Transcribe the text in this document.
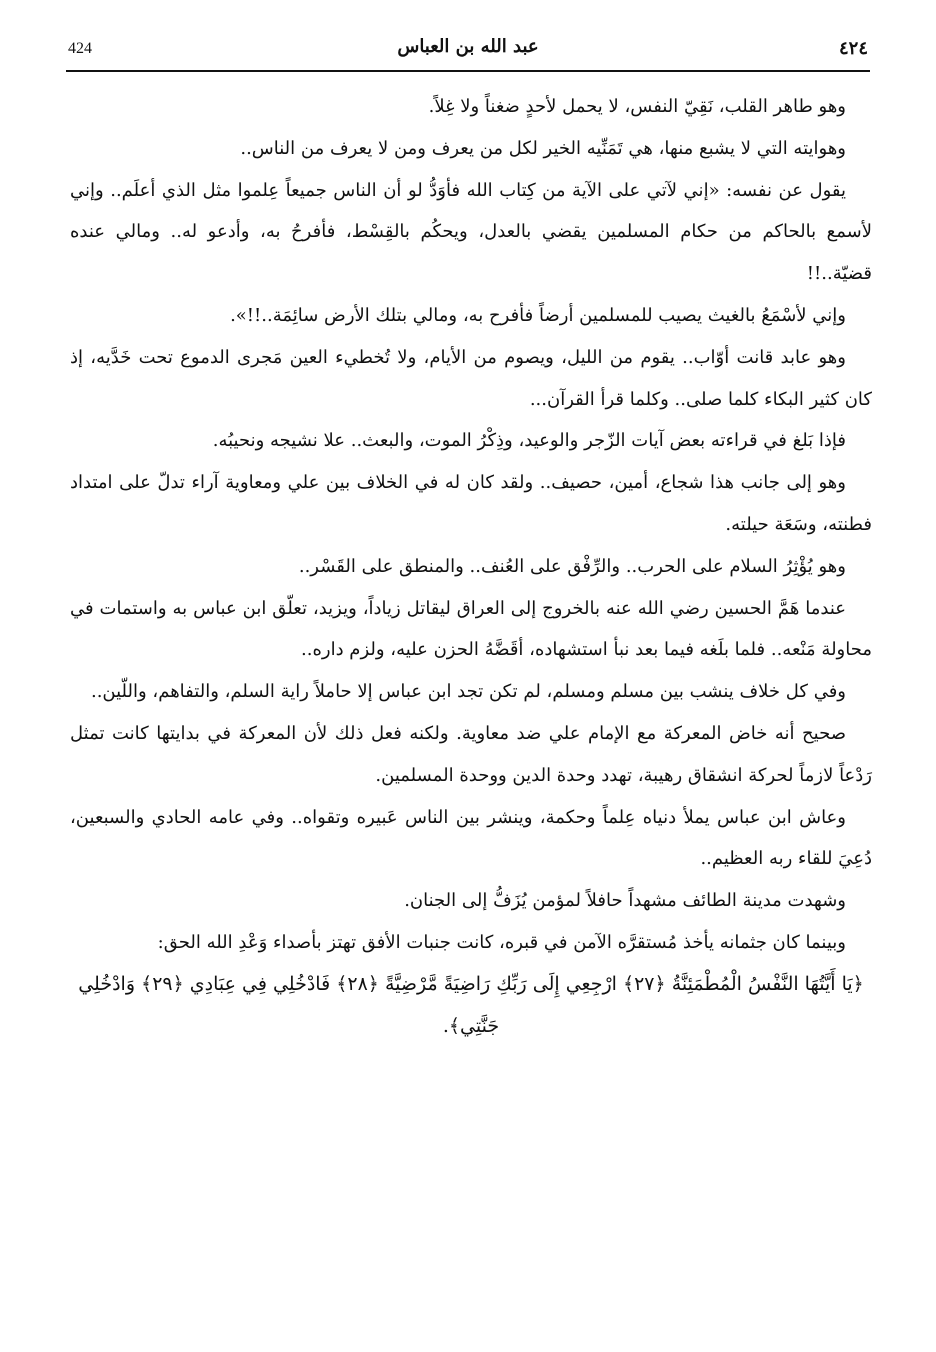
424	عبد الله بن العباس	٤٢٤

وهو طاهر القلب، نَقِيّ النفس، لا يحمل لأحدٍ ضغناً ولا غِلاً.

وهوايته التي لا يشبع منها، هي تَمَنِّيه الخير لكل من يعرف ومن لا يعرف من الناس..

يقول عن نفسه: «إني لآتي على الآية من كِتاب الله فأوَدُّ لو أن الناس جميعاً عِلموا مثل الذي أعلَم.. وإني لأسمع بالحاكم من حكام المسلمين يقضي بالعدل، ويحكُم بالقِسْط، فأفرحُ به، وأدعو له.. ومالي عنده قضيّة..!!

وإني لأسْمَعُ بالغيث يصيب للمسلمين أرضاً فأفرح به، ومالي بتلك الأرض سائِمَة..!!».

وهو عابد قانت أوّاب.. يقوم من الليل، ويصوم من الأيام، ولا تُخطيء العين مَجرى الدموع تحت خَدَّيه، إذ كان كثير البكاء كلما صلى.. وكلما قرأ القرآن...

فإذا بَلغ في قراءته بعض آيات الزّجر والوعيد، وذِكْرُ الموت، والبعث.. علا نشيجه ونحيبُه.

وهو إلى جانب هذا شجاع، أمين، حصيف.. ولقد كان له في الخلاف بين علي ومعاوية آراء تدلّ على امتداد فطنته، وسَعَة حيلته.

وهو يُؤْثِرُ السلام على الحرب.. والرِّفْق على العُنف.. والمنطق على القَسْر..

عندما هَمَّ الحسين رضي الله عنه بالخروج إلى العراق ليقاتل زياداً، ويزيد، تعلّق ابن عباس به واستمات في محاولة مَنْعه.. فلما بلَغه فيما بعد نبأ استشهاده، أقَضَّهُ الحزن عليه، ولزم داره..

وفي كل خلاف ينشب بين مسلم ومسلم، لم تكن تجد ابن عباس إلا حاملاً راية السلم، والتفاهم، واللّين..

صحيح أنه خاض المعركة مع الإمام علي ضد معاوية. ولكنه فعل ذلك لأن المعركة في بدايتها كانت تمثل رَدْعاً لازماً لحركة انشقاق رهيبة، تهدد وحدة الدين ووحدة المسلمين.

وعاش ابن عباس يملأ دنياه عِلماً وحكمة، وينشر بين الناس عَبيره وتقواه.. وفي عامه الحادي والسبعين، دُعِيَ للقاء ربه العظيم..

وشهدت مدينة الطائف مشهداً حافلاً لمؤمن يُزَفُّ إلى الجنان.

وبينما كان جثمانه يأخذ مُستقرَّه الآمن في قبره، كانت جنبات الأفق تهتز بأصداء وَعْدِ الله الحق:

﴿يَا أَيَّتُهَا النَّفْسُ الْمُطْمَئِنَّةُ ﴿٢٧﴾ ارْجِعِي إِلَى رَبِّكِ رَاضِيَةً مَّرْضِيَّةً ﴿٢٨﴾ فَادْخُلِي فِي عِبَادِي ﴿٢٩﴾ وَادْخُلِي جَنَّتِي﴾.
